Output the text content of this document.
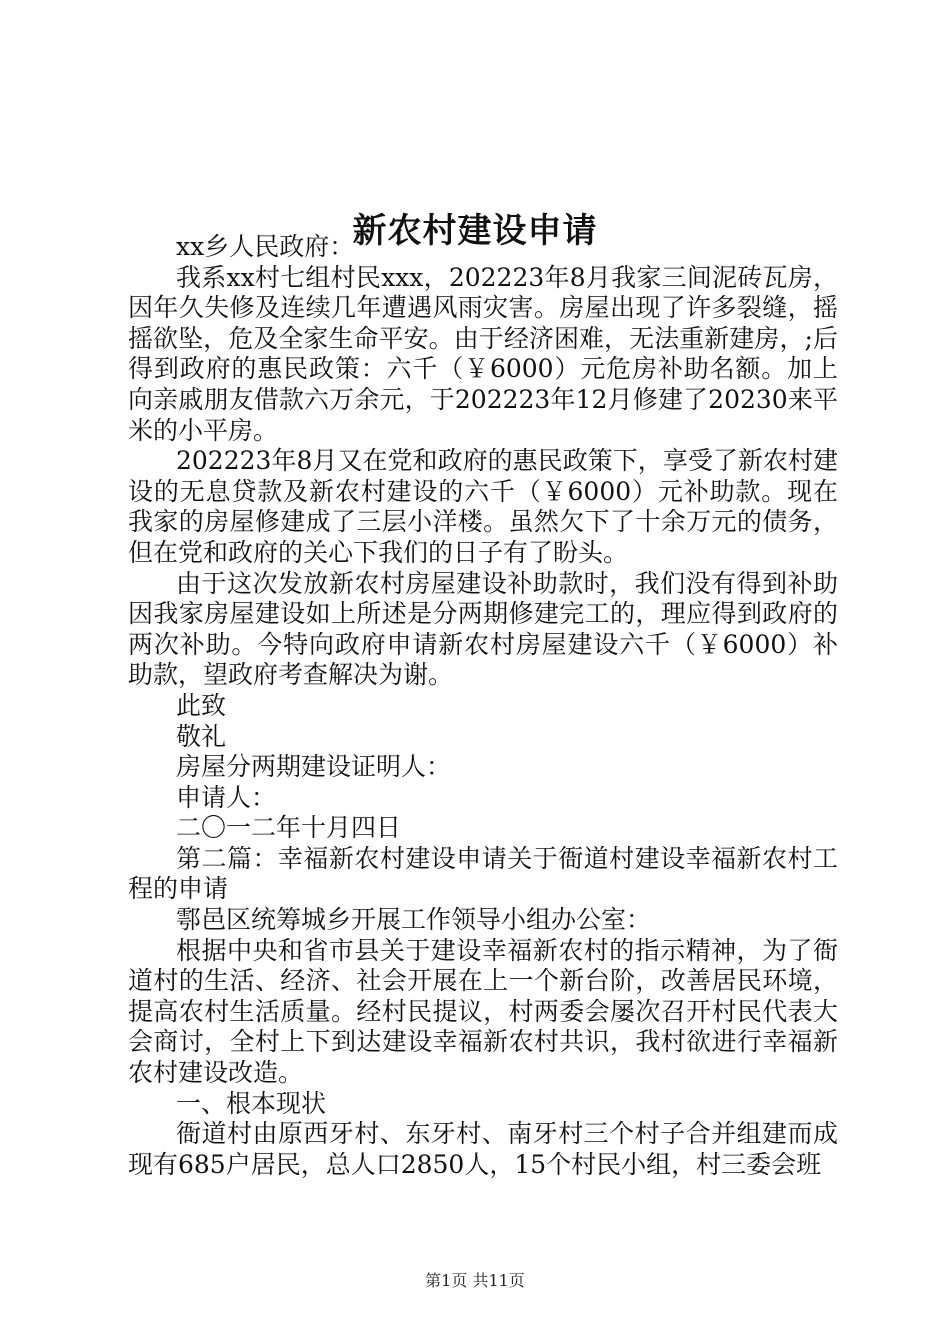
新农村建设申请

xx乡人民政府：

我系xx村七组村民xxx，202223年8月我家三间泥砖瓦房，因年久失修及连续几年遭遇风雨灾害。房屋出现了许多裂缝，摇摇欲坠，危及全家生命平安。由于经济困难，无法重新建房，;后得到政府的惠民政策：六千（￥6000）元危房补助名额。加上向亲戚朋友借款六万余元，于202223年12月修建了20230来平米的小平房。

202223年8月又在党和政府的惠民政策下，享受了新农村建设的无息贷款及新农村建设的六千（￥6000）元补助款。现在我家的房屋修建成了三层小洋楼。虽然欠下了十余万元的债务，但在党和政府的关心下我们的日子有了盼头。

由于这次发放新农村房屋建设补助款时，我们没有得到补助因我家房屋建设如上所述是分两期修建完工的，理应得到政府的两次补助。今特向政府申请新农村房屋建设六千（￥6000）补助款，望政府考查解决为谢。

此致

敬礼

房屋分两期建设证明人：

申请人：

二〇一二年十月四日

第二篇：幸福新农村建设申请关于衙道村建设幸福新农村工程的申请

鄠邑区统筹城乡开展工作领导小组办公室：

根据中央和省市县关于建设幸福新农村的指示精神，为了衙道村的生活、经济、社会开展在上一个新台阶，改善居民环境，提高农村生活质量。经村民提议，村两委会屡次召开村民代表大会商讨，全村上下到达建设幸福新农村共识，我村欲进行幸福新农村建设改造。

一、根本现状

衙道村由原西牙村、东牙村、南牙村三个村子合并组建而成现有685户居民，总人口2850人，15个村民小组，村三委会班

第1页 共11页
